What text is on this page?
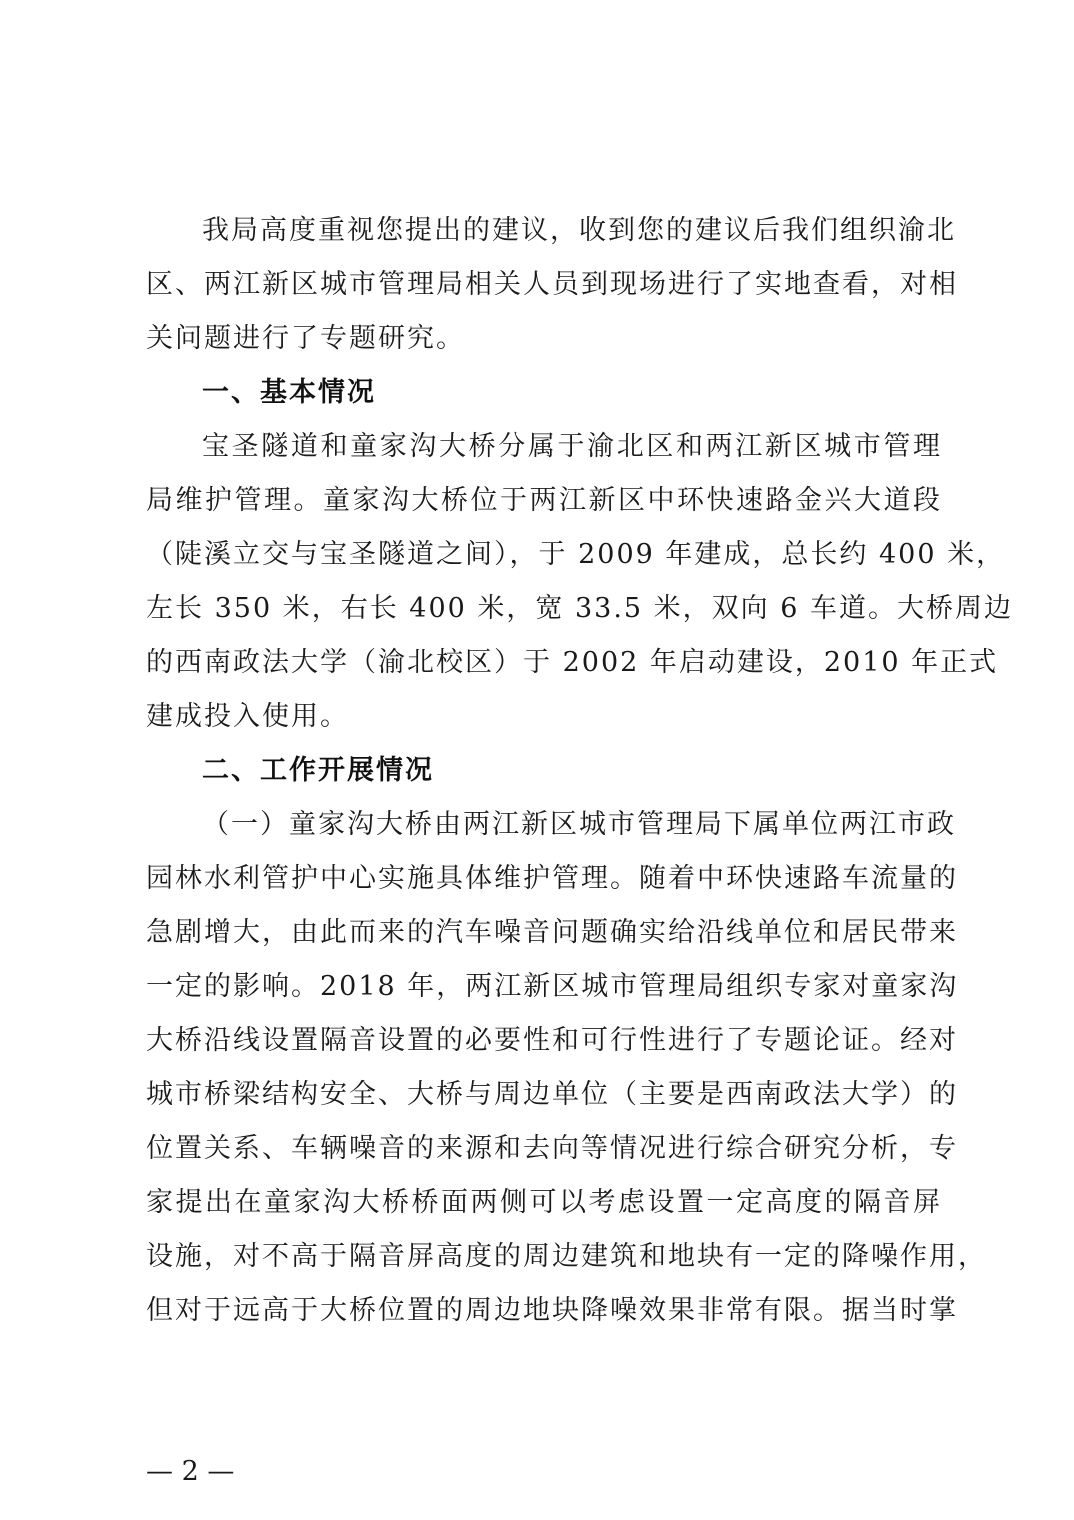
我局高度重视您提出的建议，收到您的建议后我们组织渝北
区、两江新区城市管理局相关人员到现场进行了实地查看，对相
关问题进行了专题研究。
一、基本情况
宝圣隧道和童家沟大桥分属于渝北区和两江新区城市管理
局维护管理。童家沟大桥位于两江新区中环快速路金兴大道段
（陡溪立交与宝圣隧道之间），于 2009 年建成，总长约 400 米，
左长 350 米，右长 400 米，宽 33.5 米，双向 6 车道。大桥周边
的西南政法大学（渝北校区）于 2002 年启动建设，2010 年正式
建成投入使用。
二、工作开展情况
（一）童家沟大桥由两江新区城市管理局下属单位两江市政
园林水利管护中心实施具体维护管理。随着中环快速路车流量的
急剧增大，由此而来的汽车噪音问题确实给沿线单位和居民带来
一定的影响。2018 年，两江新区城市管理局组织专家对童家沟
大桥沿线设置隔音设置的必要性和可行性进行了专题论证。经对
城市桥梁结构安全、大桥与周边单位（主要是西南政法大学）的
位置关系、车辆噪音的来源和去向等情况进行综合研究分析，专
家提出在童家沟大桥桥面两侧可以考虑设置一定高度的隔音屏
设施，对不高于隔音屏高度的周边建筑和地块有一定的降噪作用，
但对于远高于大桥位置的周边地块降噪效果非常有限。据当时掌
— 2 —
